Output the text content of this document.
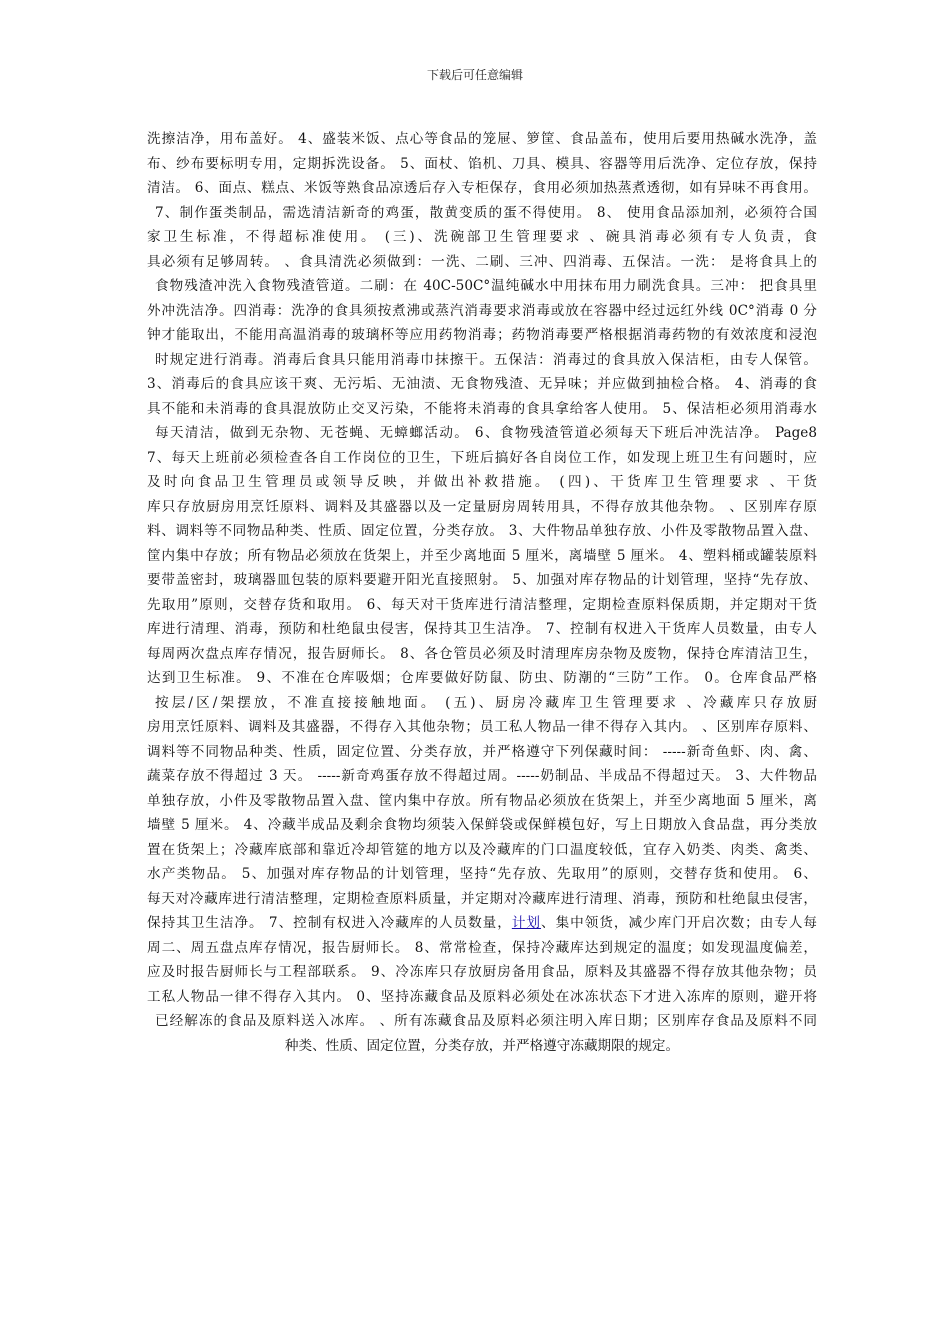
下载后可任意编辑
洗擦洁净，用布盖好。 4、盛装米饭、点心等食品的笼屉、箩筐、食品盖布，使用后要用热碱水洗净，盖
布、纱布要标明专用，定期拆洗设备。 5、面杖、馅机、刀具、模具、容器等用后洗净、定位存放，保持
清洁。 6、面点、糕点、米饭等熟食品凉透后存入专柜保存，食用必须加热蒸煮透彻，如有异味不再食用。
7、制作蛋类制品，需选清洁新奇的鸡蛋，散黄变质的蛋不得使用。 8、 使用食品添加剂，必须符合国
家卫生标准，不得超标准使用。 (三)、洗碗部卫生管理要求 、碗具消毒必须有专人负责，食
具必须有足够周转。 、食具清洗必须做到：一洗、二刷、三冲、四消毒、五保洁。一洗： 是将食具上的
食物残渣冲洗入食物残渣管道。二刷：在 40C-50C°温纯碱水中用抹布用力刷洗食具。三冲： 把食具里
外冲洗洁净。四消毒：洗净的食具须按煮沸或蒸汽消毒要求消毒或放在容器中经过远红外线 0C°消毒 0 分
钟才能取出，不能用高温消毒的玻璃杯等应用药物消毒；药物消毒要严格根据消毒药物的有效浓度和浸泡
时规定进行消毒。消毒后食具只能用消毒巾抹擦干。五保洁：消毒过的食具放入保洁柜，由专人保管。
3、消毒后的食具应该干爽、无污垢、无油渍、无食物残渣、无异味；并应做到抽检合格。 4、消毒的食
具不能和未消毒的食具混放防止交叉污染，不能将未消毒的食具拿给客人使用。 5、保洁柜必须用消毒水
每天清洁，做到无杂物、无苍蝇、无蟑螂活动。 6、食物残渣管道必须每天下班后冲洗洁净。 Page8
7、每天上班前必须检查各自工作岗位的卫生，下班后搞好各自岗位工作，如发现上班卫生有问题时，应
及时向食品卫生管理员或领导反映，并做出补救措施。 (四)、干货库卫生管理要求 、干货
库只存放厨房用烹饪原料、调料及其盛器以及一定量厨房周转用具，不得存放其他杂物。 、区别库存原
料、调料等不同物品种类、性质、固定位置，分类存放。 3、大件物品单独存放、小件及零散物品置入盘、
筐内集中存放；所有物品必须放在货架上，并至少离地面 5 厘米，离墙壁 5 厘米。 4、塑料桶或罐装原料
要带盖密封，玻璃器皿包装的原料要避开阳光直接照射。 5、加强对库存物品的计划管理，坚持“先存放、
先取用”原则，交替存货和取用。 6、每天对干货库进行清洁整理，定期检查原料保质期，并定期对干货
库进行清理、消毒，预防和杜绝鼠虫侵害，保持其卫生洁净。 7、控制有权进入干货库人员数量，由专人
每周两次盘点库存情况，报告厨师长。 8、各仓管员必须及时清理库房杂物及废物，保持仓库清洁卫生，
达到卫生标准。 9、不准在仓库吸烟；仓库要做好防鼠、防虫、防潮的“三防”工作。 0。仓库食品严格
按层/区/架摆放，不准直接接触地面。 (五)、厨房冷藏库卫生管理要求 、冷藏库只存放厨
房用烹饪原料、调料及其盛器，不得存入其他杂物；员工私人物品一律不得存入其内。 、区别库存原料、
调料等不同物品种类、性质，固定位置、分类存放，并严格遵守下列保藏时间： -----新奇鱼虾、肉、禽、
蔬菜存放不得超过 3 天。 -----新奇鸡蛋存放不得超过周。-----奶制品、半成品不得超过天。 3、大件物品
单独存放，小件及零散物品置入盘、筐内集中存放。所有物品必须放在货架上，并至少离地面 5 厘米，离
墙壁 5 厘米。 4、冷藏半成品及剩余食物均须装入保鲜袋或保鲜模包好，写上日期放入食品盘，再分类放
置在货架上；冷藏库底部和靠近冷却管筵的地方以及冷藏库的门口温度较低，宜存入奶类、肉类、禽类、
水产类物品。 5、加强对库存物品的计划管理，坚持“先存放、先取用”的原则，交替存货和使用。 6、
每天对冷藏库进行清洁整理，定期检查原料质量，并定期对冷藏库进行清理、消毒，预防和杜绝鼠虫侵害，
保持其卫生洁净。 7、控制有权进入冷藏库的人员数量，计划、集中领货，减少库门开启次数；由专人每
周二、周五盘点库存情况，报告厨师长。 8、常常检查，保持冷藏库达到规定的温度；如发现温度偏差，
应及时报告厨师长与工程部联系。 9、冷冻库只存放厨房备用食品，原料及其盛器不得存放其他杂物；员
工私人物品一律不得存入其内。 0、坚持冻藏食品及原料必须处在冰冻状态下才进入冻库的原则，避开将
已经解冻的食品及原料送入冰库。 、所有冻藏食品及原料必须注明入库日期；区别库存食品及原料不同
种类、性质、固定位置，分类存放，并严格遵守冻藏期限的规定。
